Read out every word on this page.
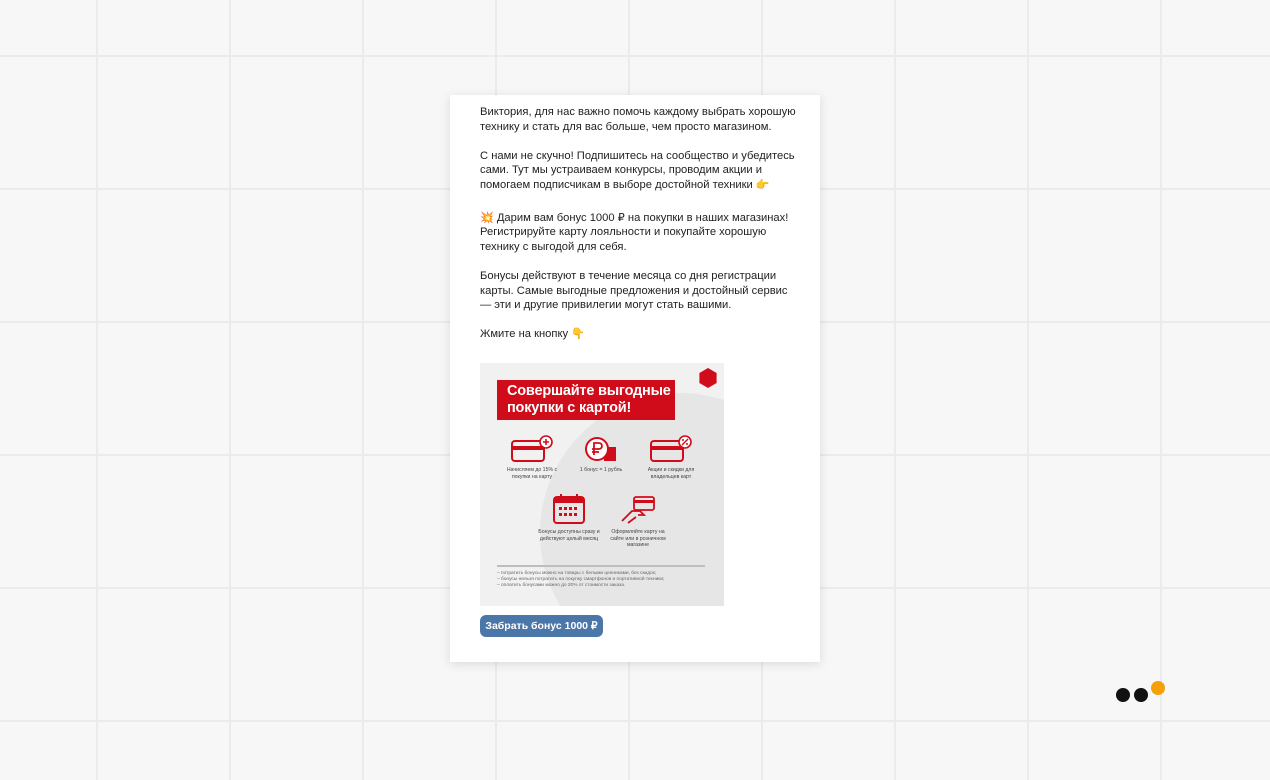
Виктория, для нас важно помочь каждому выбрать хорошую технику и стать для вас больше, чем просто магазином.

С нами не скучно! Подпишитесь на сообщество и убедитесь сами. Тут мы устраиваем конкурсы, проводим акции и помогаем подписчикам в выборе достойной техники 👉

💥 Дарим вам бонус 1000 ₽ на покупки в наших магазинах! Регистрируйте карту лояльности и покупайте хорошую технику с выгодой для себя.

Бонусы действуют в течение месяца со дня регистрации карты. Самые выгодные предложения и достойный сервис — эти и другие привилегии могут стать вашими.

Жмите на кнопку 👇

Совершайте выгодные
покупки с картой!
Начисляем до 15% с покупки на карту
1 бонус = 1 рубль	Акции и скидки для владельцев карт
Бонусы доступны сразу и действуют целый месяц
Оформляйте карту на сайте или в розничном магазине
– потратить бонусы можно на товары с белыми ценниками, без скидок;
– бонусы нельзя потратить на покупку смартфонов и портативной техники;
– оплатить бонусами можно до 20% от стоимости заказа.
Забрать бонус 1000 ₽
